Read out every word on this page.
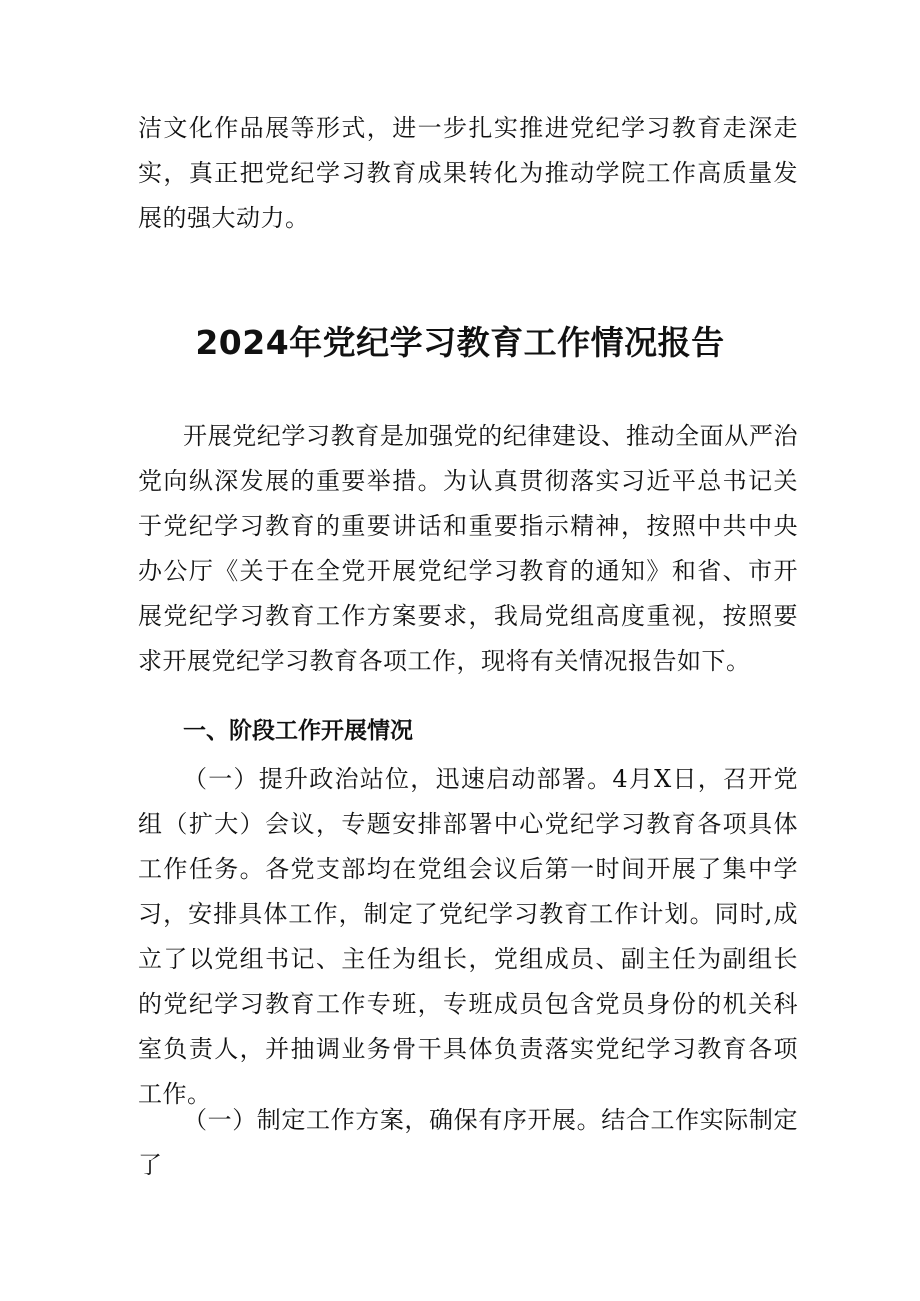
洁文化作品展等形式，进一步扎实推进党纪学习教育走深走实，真正把党纪学习教育成果转化为推动学院工作高质量发展的强大动力。

2024年党纪学习教育工作情况报告

开展党纪学习教育是加强党的纪律建设、推动全面从严治党向纵深发展的重要举措。为认真贯彻落实习近平总书记关于党纪学习教育的重要讲话和重要指示精神，按照中共中央办公厅《关于在全党开展党纪学习教育的通知》和省、市开展党纪学习教育工作方案要求，我局党组高度重视，按照要求开展党纪学习教育各项工作，现将有关情况报告如下。

一、阶段工作开展情况

（一）提升政治站位，迅速启动部署。4月X日，召开党组（扩大）会议，专题安排部署中心党纪学习教育各项具体工作任务。各党支部均在党组会议后第一时间开展了集中学习，安排具体工作，制定了党纪学习教育工作计划。同时,成立了以党组书记、主任为组长，党组成员、副主任为副组长的党纪学习教育工作专班，专班成员包含党员身份的机关科室负责人，并抽调业务骨干具体负责落实党纪学习教育各项工作。

（一）制定工作方案，确保有序开展。结合工作实际制定了
